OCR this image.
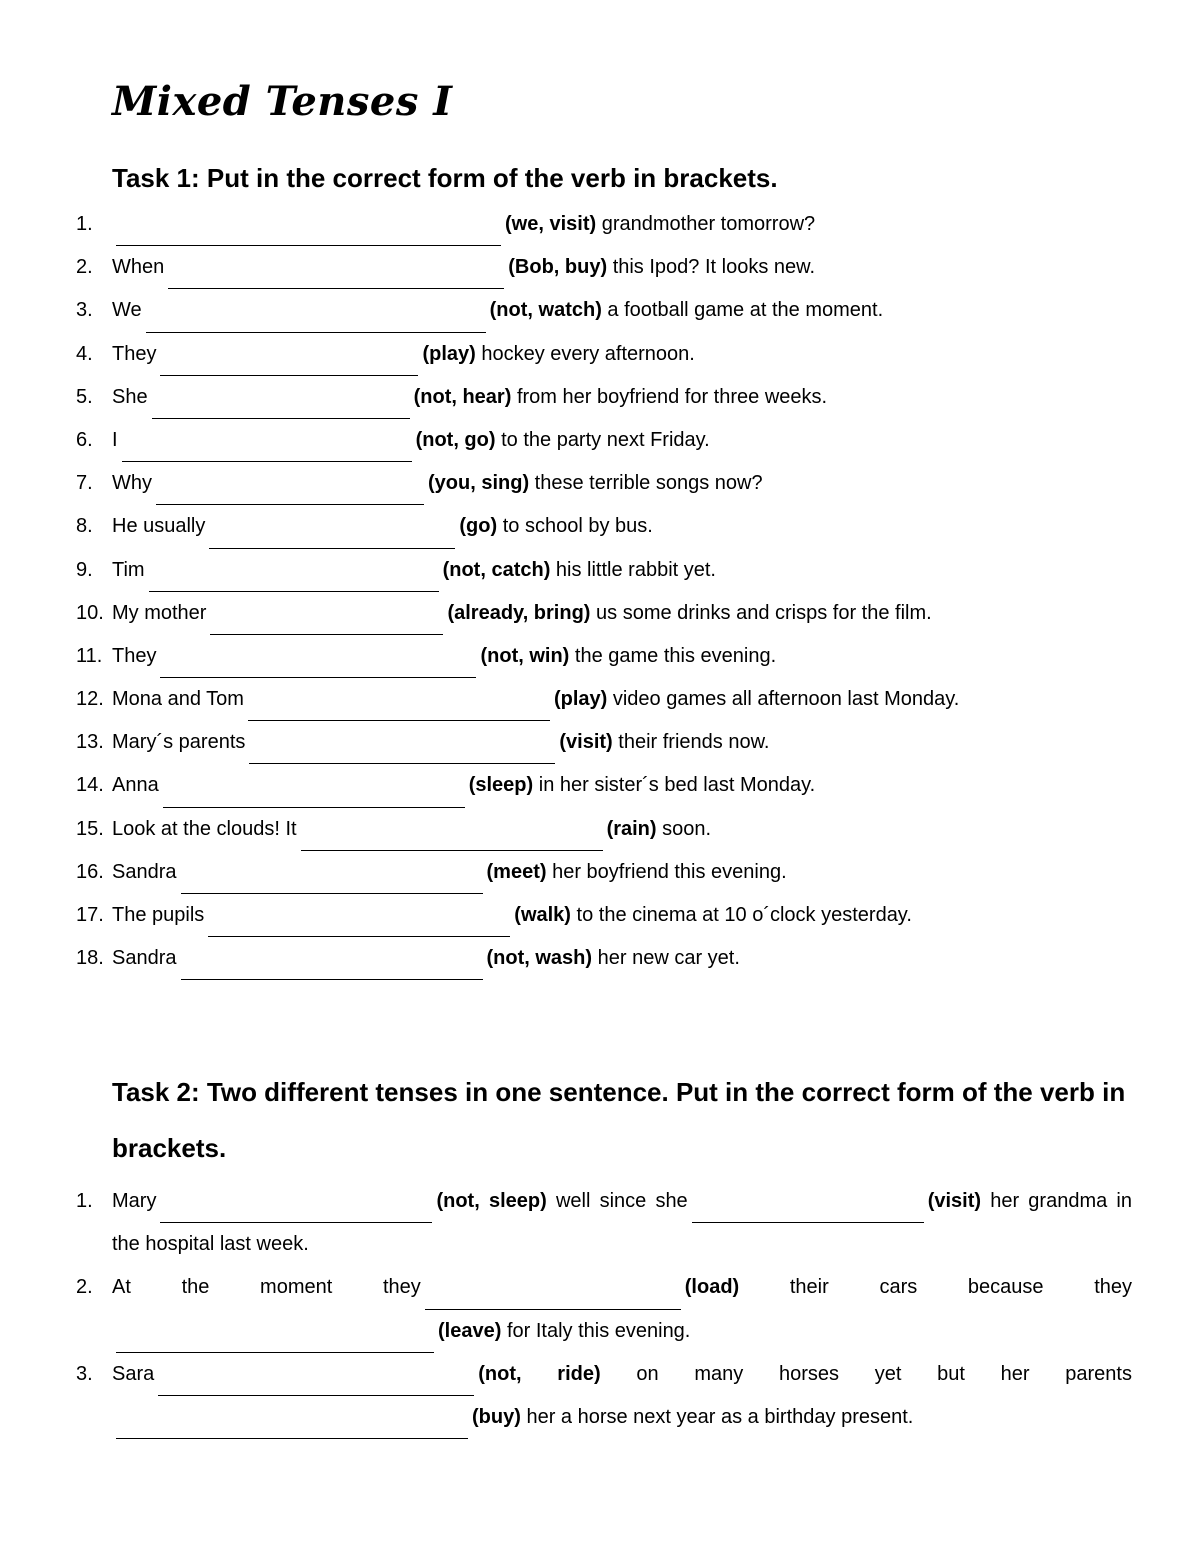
Mixed Tenses I
Task 1: Put in the correct form of the verb in brackets.
1.	(we, visit) grandmother tomorrow?
2. When	(Bob, buy) this Ipod? It looks new.
3. We	(not, watch) a football game at the moment.
4. They	(play) hockey every afternoon.
5. She	(not, hear) from her boyfriend for three weeks.
6. I	(not, go) to the party next Friday.
7. Why	(you, sing) these terrible songs now?
8. He usually	(go) to school by bus.
9. Tim	(not, catch) his little rabbit yet.
10. My mother	(already, bring) us some drinks and crisps for the film.
11. They	(not, win) the game this evening.
12. Mona and Tom	(play) video games all afternoon last Monday.
13. Mary´s parents	(visit) their friends now.
14. Anna	(sleep) in her sister´s bed last Monday.
15. Look at the clouds! It	(rain) soon.
16. Sandra	(meet) her boyfriend this evening.
17. The pupils	(walk) to the cinema at 10 o´clock yesterday.
18. Sandra	(not, wash) her new car yet.
Task 2: Two different tenses in one sentence. Put in the correct form of the verb in brackets.
1. Mary	(not, sleep) well since she	(visit) her grandma in the hospital last week.
2. At the moment they	(load)	their cars because they(leave) for Italy this evening.
3. Sara	(not, ride) on many horses yet but her parents(buy) her a horse next year as a birthday present.
